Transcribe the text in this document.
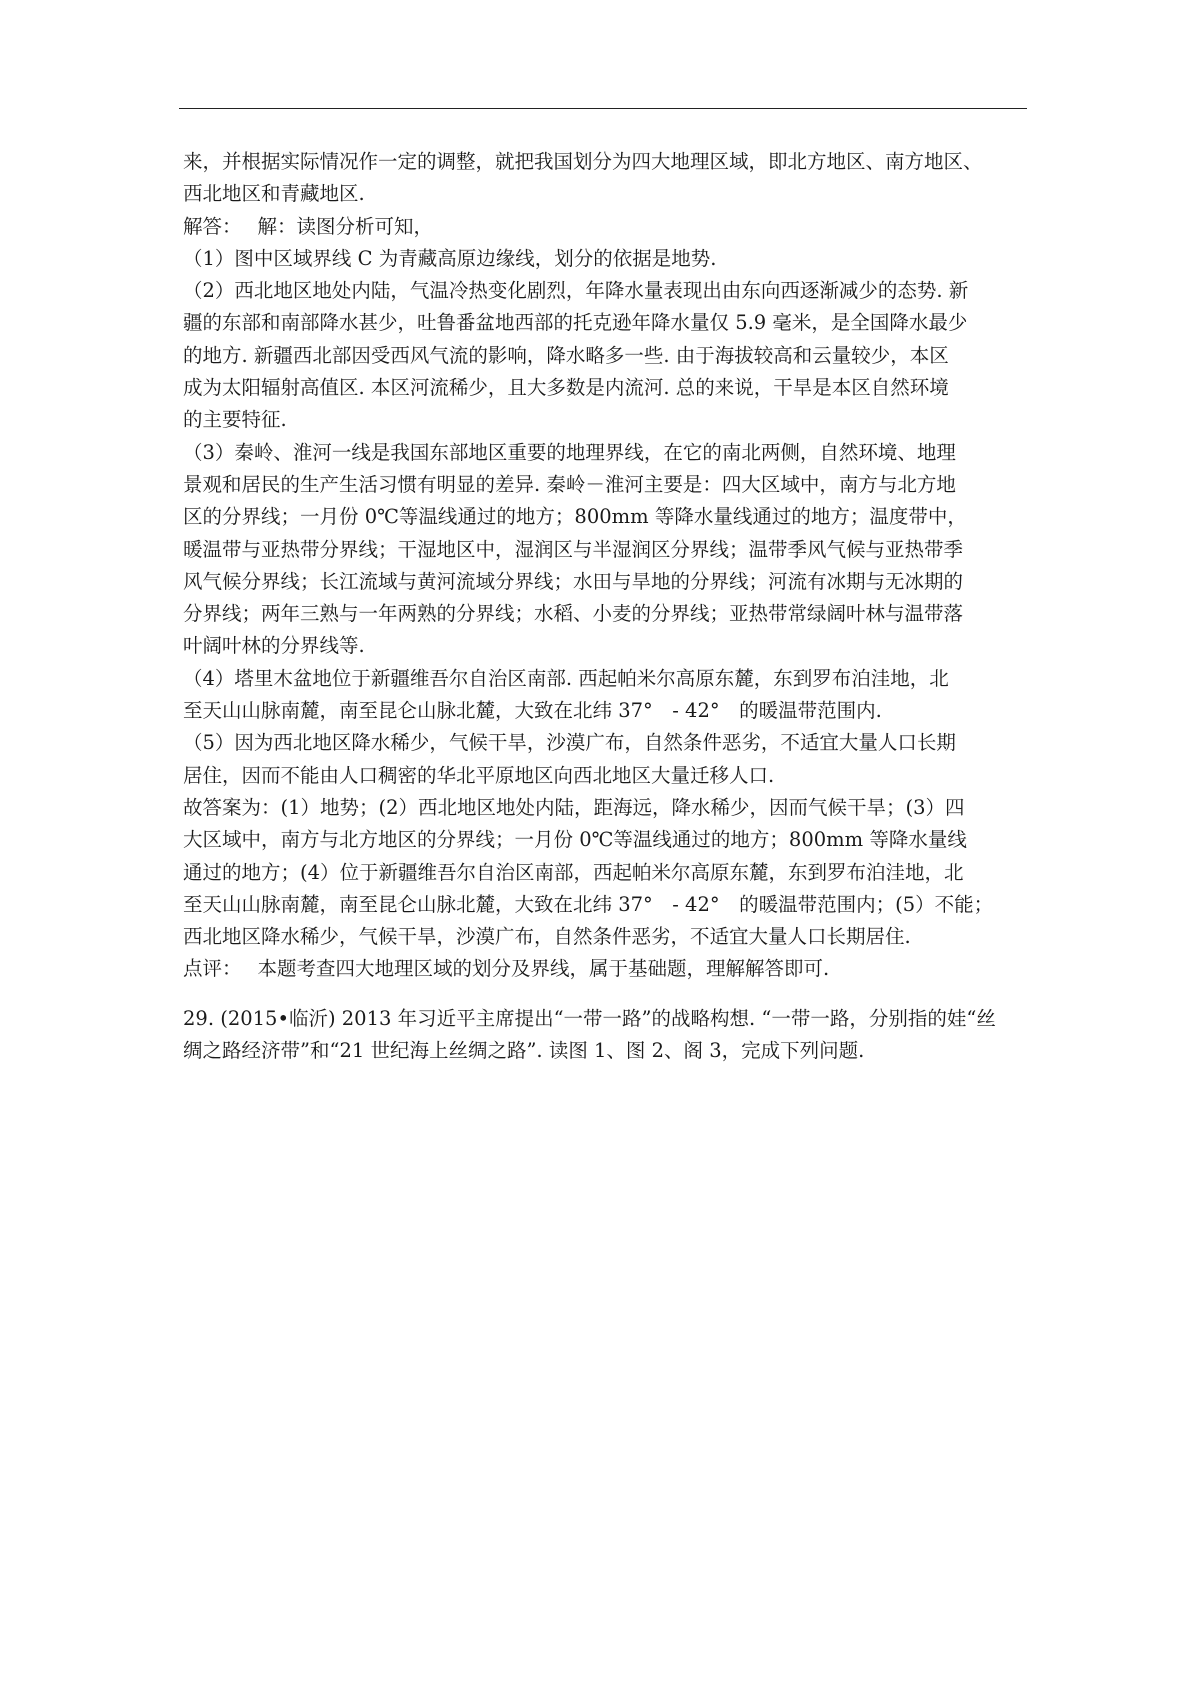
来，并根据实际情况作一定的调整，就把我国划分为四大地理区域，即北方地区、南方地区、
西北地区和青藏地区.
解答：　 解：读图分析可知，
（1）图中区域界线 C 为青藏高原边缘线，划分的依据是地势.
（2）西北地区地处内陆，气温冷热变化剧烈，年降水量表现出由东向西逐渐减少的态势. 新
疆的东部和南部降水甚少，吐鲁番盆地西部的托克逊年降水量仅 5.9 毫米，是全国降水最少
的地方. 新疆西北部因受西风气流的影响，降水略多一些. 由于海拔较高和云量较少，本区
成为太阳辐射高值区. 本区河流稀少，且大多数是内流河. 总的来说，干旱是本区自然环境
的主要特征.
（3）秦岭、淮河一线是我国东部地区重要的地理界线，在它的南北两侧，自然环境、地理
景观和居民的生产生活习惯有明显的差异. 秦岭－淮河主要是：四大区域中，南方与北方地
区的分界线；一月份 0℃等温线通过的地方；800mm 等降水量线通过的地方；温度带中，
暖温带与亚热带分界线；干湿地区中，湿润区与半湿润区分界线；温带季风气候与亚热带季
风气候分界线；长江流域与黄河流域分界线；水田与旱地的分界线；河流有冰期与无冰期的
分界线；两年三熟与一年两熟的分界线；水稻、小麦的分界线；亚热带常绿阔叶林与温带落
叶阔叶林的分界线等.
（4）塔里木盆地位于新疆维吾尔自治区南部. 西起帕米尔高原东麓，东到罗布泊洼地，北
至天山山脉南麓，南至昆仑山脉北麓，大致在北纬 37°　- 42°　的暖温带范围内.
（5）因为西北地区降水稀少，气候干旱，沙漠广布，自然条件恶劣，不适宜大量人口长期
居住，因而不能由人口稠密的华北平原地区向西北地区大量迁移人口.
故答案为：(1）地势；(2）西北地区地处内陆，距海远，降水稀少，因而气候干旱；(3）四
大区域中，南方与北方地区的分界线；一月份 0℃等温线通过的地方；800mm 等降水量线
通过的地方；(4）位于新疆维吾尔自治区南部，西起帕米尔高原东麓，东到罗布泊洼地，北
至天山山脉南麓，南至昆仑山脉北麓，大致在北纬 37°　- 42°　的暖温带范围内；(5）不能；
西北地区降水稀少，气候干旱，沙漠广布，自然条件恶劣，不适宜大量人口长期居住.
点评：　 本题考查四大地理区域的划分及界线，属于基础题，理解解答即可.
29. (2015•临沂) 2013 年习近平主席提出“一带一路”的战略构想. “一带一路，分别指的娃“丝
绸之路经济带”和“21 世纪海上丝绸之路”. 读图 1、图 2、阁 3，完成下列问题.
